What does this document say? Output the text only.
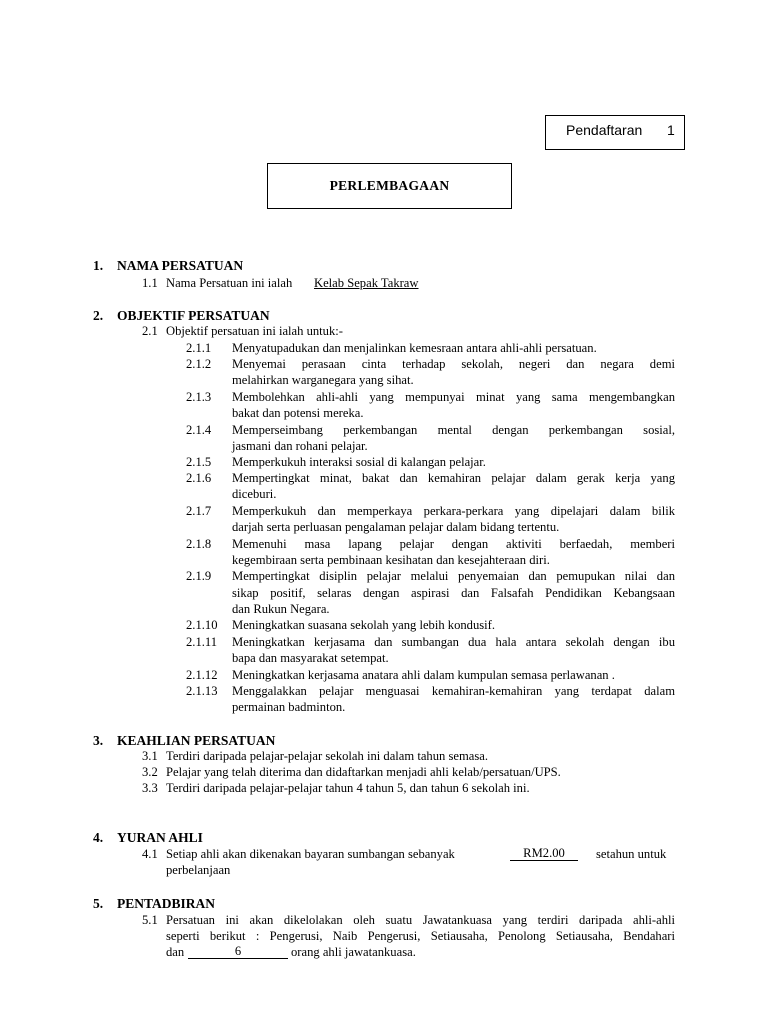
Pendaftaran 1
PERLEMBAGAAN
1. NAMA PERSATUAN
1.1 Nama Persatuan ini ialah Kelab Sepak Takraw
2. OBJEKTIF PERSATUAN
2.1 Objektif persatuan ini ialah untuk:-
2.1.1 Menyatupadukan dan menjalinkan kemesraan antara ahli-ahli persatuan.
2.1.2 Menyemai perasaan cinta terhadap sekolah, negeri dan negara demi
melahirkan warganegara yang sihat.
2.1.3 Membolehkan ahli-ahli yang mempunyai minat yang sama mengembangkan
bakat dan potensi mereka.
2.1.4 Memperseimbang perkembangan mental dengan perkembangan sosial,
jasmani dan rohani pelajar.
2.1.5 Memperkukuh interaksi sosial di kalangan pelajar.
2.1.6 Mempertingkat minat, bakat dan kemahiran pelajar dalam gerak kerja yang
diceburi.
2.1.7 Memperkukuh dan memperkaya perkara-perkara yang dipelajari dalam bilik
darjah serta perluasan pengalaman pelajar dalam bidang tertentu.
2.1.8 Memenuhi masa lapang pelajar dengan aktiviti berfaedah, memberi
kegembiraan serta pembinaan kesihatan dan kesejahteraan diri.
2.1.9 Mempertingkat disiplin pelajar melalui penyemaian dan pemupukan nilai dan
sikap positif, selaras dengan aspirasi dan Falsafah Pendidikan Kebangsaan
dan Rukun Negara.
2.1.10 Meningkatkan suasana sekolah yang lebih kondusif.
2.1.11 Meningkatkan kerjasama dan sumbangan dua hala antara sekolah dengan ibu
bapa dan masyarakat setempat.
2.1.12 Meningkatkan kerjasama anatara ahli dalam kumpulan semasa perlawanan .
2.1.13 Menggalakkan pelajar menguasai kemahiran-kemahiran yang terdapat dalam
permainan badminton.
3. KEAHLIAN PERSATUAN
3.1 Terdiri daripada pelajar-pelajar sekolah ini dalam tahun semasa.
3.2 Pelajar yang telah diterima dan didaftarkan menjadi ahli kelab/persatuan/UPS.
3.3 Terdiri daripada pelajar-pelajar tahun 4 tahun 5, dan tahun 6 sekolah ini.
4. YURAN AHLI
4.1 Setiap ahli akan dikenakan bayaran sumbangan sebanyak	RM2.00	setahun untuk
perbelanjaan
5. PENTADBIRAN
5.1 Persatuan ini akan dikelolakan oleh suatu Jawatankuasa yang terdiri daripada ahli-ahli
seperti berikut : Pengerusi, Naib Pengerusi, Setiausaha, Penolong Setiausaha, Bendahari
dan	6	orang ahli jawatankuasa.
